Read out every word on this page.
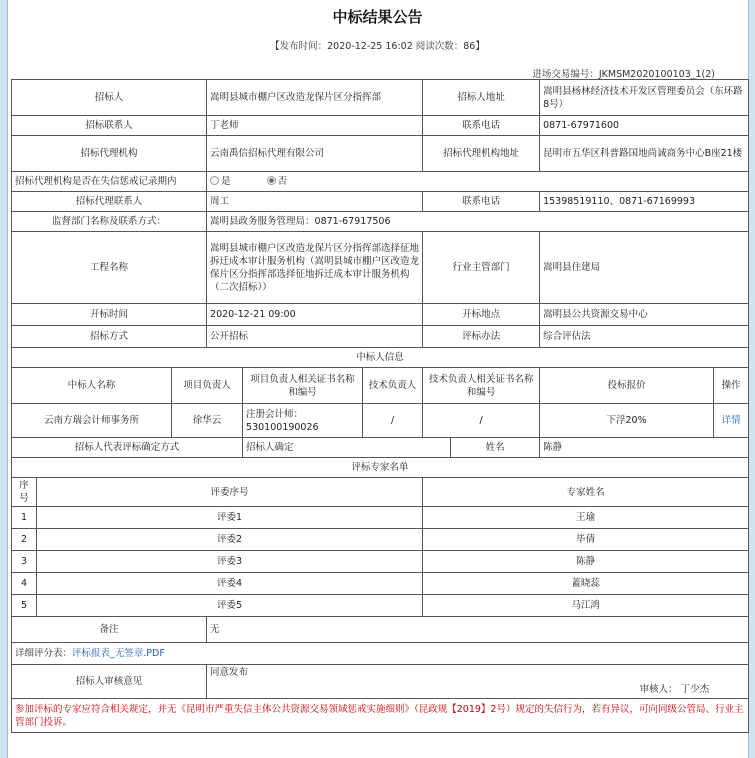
中标结果公告
【发布时间：2020-12-25 16:02 阅读次数：86】
进场交易编号：JKMSM2020100103_1(2)
招标人			嵩明县城市棚户区改造龙保片区分指挥部			招标人地址		嵩明县杨林经济技术开发区管理委员会（东环路8号）	
招标联系人			丁老师			联系电话		0871-67971600	
招标代理机构			云南禹信招标代理有限公司			招标代理机构地址		昆明市五华区科普路国地尚诚商务中心B座21楼	
招标代理机构是否在失信惩戒记录期内			是 否						
招标代理联系人			周工			联系电话		15398519110、0871-67169993	
监督部门名称及联系方式：			嵩明县政务服务管理局：0871-67917506						
工程名称			嵩明县城市棚户区改造龙保片区分指挥部选择征地拆迁成本审计服务机构（嵩明县城市棚户区改造龙保片区分指挥部选择征地拆迁成本审计服务机构（二次招标））			行业主管部门		嵩明县住建局	
开标时间			2020-12-21 09:00			开标地点		嵩明县公共资源交易中心	
招标方式			公开招标			评标办法		综合评估法	
中标人信息									
中标人名称		项目负责人		项目负责人相关证书名称和编号	技术负责人	技术负责人相关证书名称和编号		投标报价	操作
云南方瑞会计师事务所		徐华云		注册会计师：530100190026	/	/		下浮20%	详情
招标人代表评标确定方式				招标人确定			姓名	陈静	
评标专家名单									
序号	评委序号					专家姓名			
1	评委1					王瑜			
2	评委2					毕倩			
3	评委3					陈静			
4	评委4					蓋晓蕊			
5	评委5					马江鸿			
备注			无						
详细评分表：评标报表_无签章.PDF									
招标人审核意见			同意发布
审核人： 丁少杰						

参加评标的专家应符合相关规定，并无《昆明市严重失信主体公共资源交易领域惩戒实施细则》（昆政规【2019】2号）规定的失信行为，若有异议，可向同级公管局、行业主管部门投诉。									
